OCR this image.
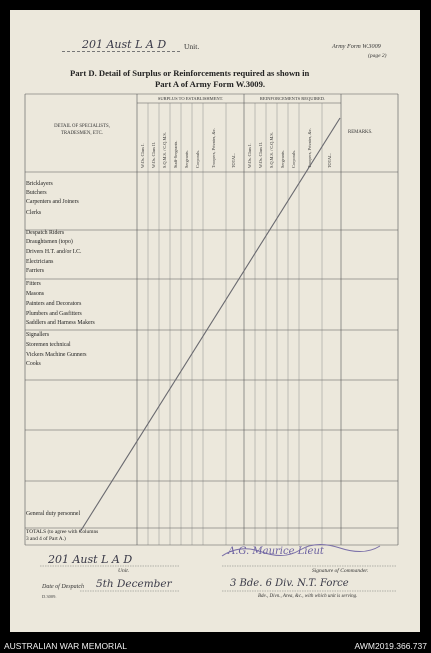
201 Aust L A D Unit.	Army Form W.3009
(page 2)
Part D. Detail of Surplus or Reinforcements required as shown in
Part A of Army Form W.3009.
DETAIL OF SPECIALISTS, TRADESMEN, ETC.
SURPLUS TO ESTABLISHMENT.	REINFORCEMENTS REQUIRED.
REMARKS.
W.Os. Class I. W.Os. Class II. S.Q.M.S. / C.Q.M.S. Staff-Sergeants. Sergeants. Corporals.	Troopers, Privates, &c.	TOTAL.	W.Os. Class I. W.Os. Class II. S.Q.M.S. / C.Q.M.S. Sergeants. Corporals.	Troopers, Privates, &c.	TOTAL.
Bricklayers
Butchers
Carpenters and Joiners
Clerks
Despatch Riders
Draughtsmen (topo)
Drivers H.T. and/or I.C.
Electricians
Farriers
Fitters
Masons
Painters and Decorators
Plumbers and Gasfitters
Saddlers and Harness Makers
Signallers
Storemen technical
Vickers Machine Gunners
Cooks
General duty personnel
TOTALS (to agree with Columns
3 and 4 of Part A.)
201 Aust L A D
Unit.
A.G. Maurice Lieut
Signature of Commander.
Date of Despatch 5th December
D.3009.
3 Bde. 6 Div. N.T. Force
Bde., Divn., Area, &c., with which unit is serving.
AUSTRALIAN WAR MEMORIAL	AWM2019.366.737
